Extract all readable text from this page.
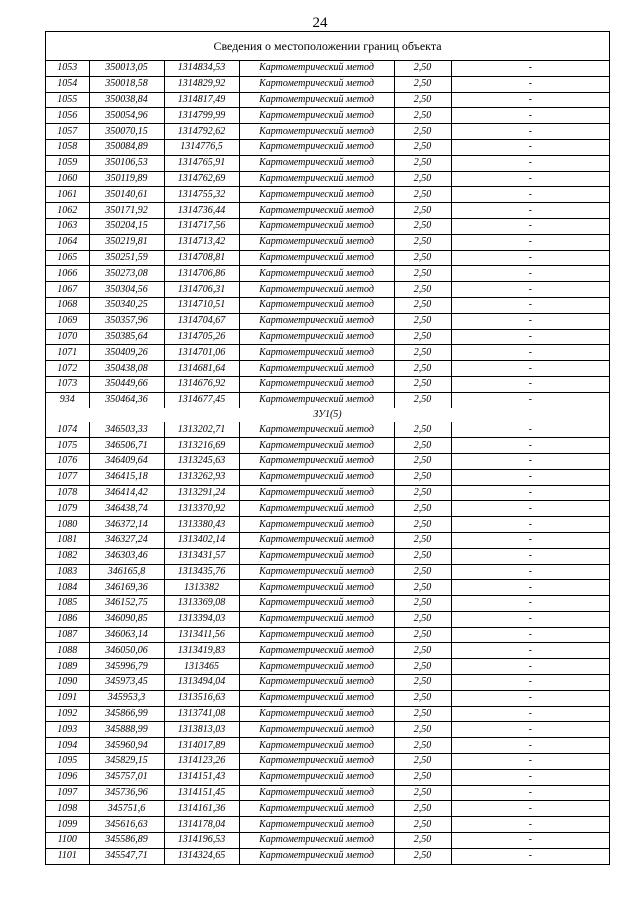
24
Сведения о местоположении границ объекта
1053	350013,05	1314834,53	Картометрический метод	2,50	-
1054	350018,58	1314829,92	Картометрический метод	2,50	-
1055	350038,84	1314817,49	Картометрический метод	2,50	-
1056	350054,96	1314799,99	Картометрический метод	2,50	-
1057	350070,15	1314792,62	Картометрический метод	2,50	-
1058	350084,89	1314776,5	Картометрический метод	2,50	-
1059	350106,53	1314765,91	Картометрический метод	2,50	-
1060	350119,89	1314762,69	Картометрический метод	2,50	-
1061	350140,61	1314755,32	Картометрический метод	2,50	-
1062	350171,92	1314736,44	Картометрический метод	2,50	-
1063	350204,15	1314717,56	Картометрический метод	2,50	-
1064	350219,81	1314713,42	Картометрический метод	2,50	-
1065	350251,59	1314708,81	Картометрический метод	2,50	-
1066	350273,08	1314706,86	Картометрический метод	2,50	-
1067	350304,56	1314706,31	Картометрический метод	2,50	-
1068	350340,25	1314710,51	Картометрический метод	2,50	-
1069	350357,96	1314704,67	Картометрический метод	2,50	-
1070	350385,64	1314705,26	Картометрический метод	2,50	-
1071	350409,26	1314701,06	Картометрический метод	2,50	-
1072	350438,08	1314681,64	Картометрический метод	2,50	-
1073	350449,66	1314676,92	Картометрический метод	2,50	-
934	350464,36	1314677,45	Картометрический метод	2,50	-
ЗУ1(5)					
1074	346503,33	1313202,71	Картометрический метод	2,50	-
1075	346506,71	1313216,69	Картометрический метод	2,50	-
1076	346409,64	1313245,63	Картометрический метод	2,50	-
1077	346415,18	1313262,93	Картометрический метод	2,50	-
1078	346414,42	1313291,24	Картометрический метод	2,50	-
1079	346438,74	1313370,92	Картометрический метод	2,50	-
1080	346372,14	1313380,43	Картометрический метод	2,50	-
1081	346327,24	1313402,14	Картометрический метод	2,50	-
1082	346303,46	1313431,57	Картометрический метод	2,50	-
1083	346165,8	1313435,76	Картометрический метод	2,50	-
1084	346169,36	1313382	Картометрический метод	2,50	-
1085	346152,75	1313369,08	Картометрический метод	2,50	-
1086	346090,85	1313394,03	Картометрический метод	2,50	-
1087	346063,14	1313411,56	Картометрический метод	2,50	-
1088	346050,06	1313419,83	Картометрический метод	2,50	-
1089	345996,79	1313465	Картометрический метод	2,50	-
1090	345973,45	1313494,04	Картометрический метод	2,50	-
1091	345953,3	1313516,63	Картометрический метод	2,50	-
1092	345866,99	1313741,08	Картометрический метод	2,50	-
1093	345888,99	1313813,03	Картометрический метод	2,50	-
1094	345960,94	1314017,89	Картометрический метод	2,50	-
1095	345829,15	1314123,26	Картометрический метод	2,50	-
1096	345757,01	1314151,43	Картометрический метод	2,50	-
1097	345736,96	1314151,45	Картометрический метод	2,50	-
1098	345751,6	1314161,36	Картометрический метод	2,50	-
1099	345616,63	1314178,04	Картометрический метод	2,50	-
1100	345586,89	1314196,53	Картометрический метод	2,50	-
1101	345547,71	1314324,65	Картометрический метод	2,50	-
